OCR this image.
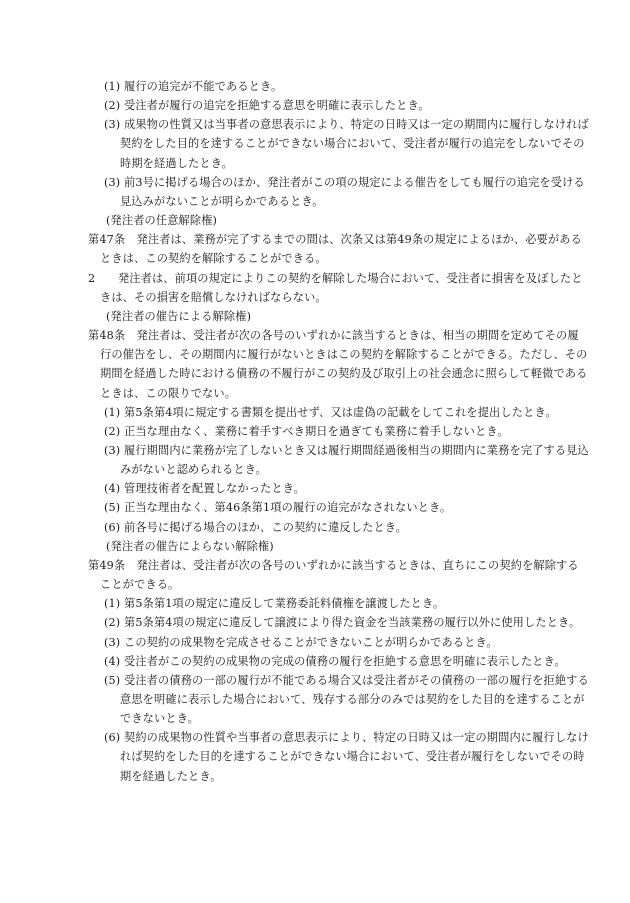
(1) 履行の追完が不能であるとき。

(2) 受注者が履行の追完を拒絶する意思を明確に表示したとき。

(3) 成果物の性質又は当事者の意思表示により、特定の日時又は一定の期間内に履行しなければ契約をした目的を達することができない場合において、受注者が履行の追完をしないでその時期を経過したとき。

(3) 前3号に掲げる場合のほか、発注者がこの項の規定による催告をしても履行の追完を受ける見込みがないことが明らかであるとき。

(発注者の任意解除権)

第47条　発注者は、業務が完了するまでの間は、次条又は第49条の規定によるほか、必要があるときは、この契約を解除することができる。

2　　発注者は、前項の規定によりこの契約を解除した場合において、受注者に損害を及ぼしたときは、その損害を賠償しなければならない。

(発注者の催告による解除権)

第48条　発注者は、受注者が次の各号のいずれかに該当するときは、相当の期間を定めてその履行の催告をし、その期間内に履行がないときはこの契約を解除することができる。ただし、その期間を経過した時における債務の不履行がこの契約及び取引上の社会通念に照らして軽微であるときは、この限りでない。

(1) 第5条第4項に規定する書類を提出せず、又は虚偽の記載をしてこれを提出したとき。

(2) 正当な理由なく、業務に着手すべき期日を過ぎても業務に着手しないとき。

(3) 履行期間内に業務が完了しないとき又は履行期間経過後相当の期間内に業務を完了する見込みがないと認められるとき。

(4) 管理技術者を配置しなかったとき。

(5) 正当な理由なく、第46条第1項の履行の追完がなされないとき。

(6) 前各号に掲げる場合のほか、この契約に違反したとき。

(発注者の催告によらない解除権)

第49条　発注者は、受注者が次の各号のいずれかに該当するときは、直ちにこの契約を解除することができる。

(1) 第5条第1項の規定に違反して業務委託料債権を譲渡したとき。

(2) 第5条第4項の規定に違反して譲渡により得た資金を当該業務の履行以外に使用したとき。

(3) この契約の成果物を完成させることができないことが明らかであるとき。

(4) 受注者がこの契約の成果物の完成の債務の履行を拒絶する意思を明確に表示したとき。

(5) 受注者の債務の一部の履行が不能である場合又は受注者がその債務の一部の履行を拒絶する意思を明確に表示した場合において、残存する部分のみでは契約をした目的を達することができないとき。

(6) 契約の成果物の性質や当事者の意思表示により、特定の日時又は一定の期間内に履行しなければ契約をした目的を達することができない場合において、受注者が履行をしないでその時期を経過したとき。
